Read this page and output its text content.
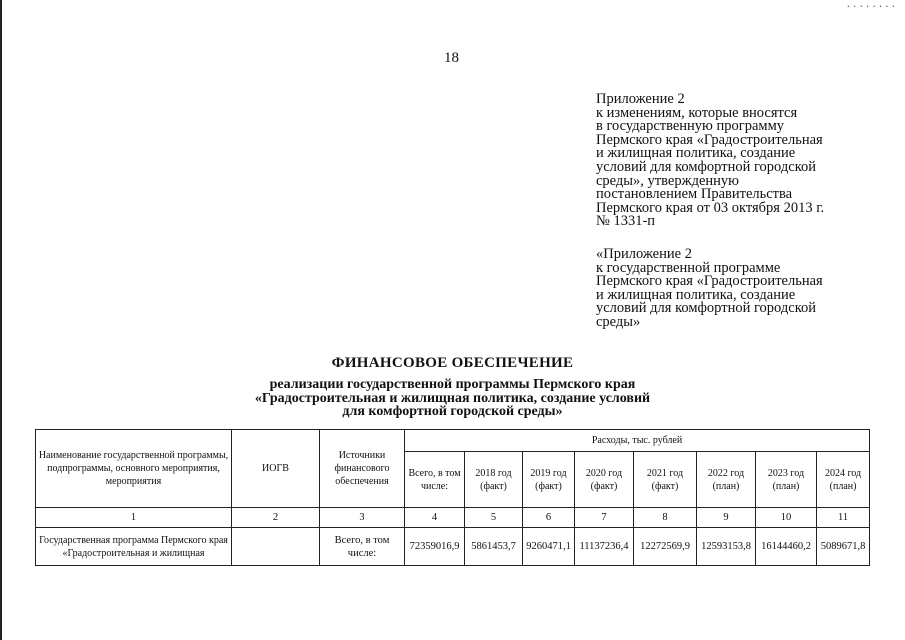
........
18
Приложение 2
к изменениям, которые вносятся
в государственную программу
Пермского края «Градостроительная
и жилищная политика, создание
условий для комфортной городской
среды», утвержденную
постановлением Правительства
Пермского края от 03 октября 2013 г.
№ 1331-п
«Приложение 2
к государственной программе
Пермского края «Градостроительная
и жилищная политика, создание
условий для комфортной городской
среды»
ФИНАНСОВОЕ ОБЕСПЕЧЕНИЕ
реализации государственной программы Пермского края
«Градостроительная и жилищная политика, создание условий
для комфортной городской среды»
Наименование государственной программы, подпрограммы, основного мероприятия, мероприятия	ИОГВ	Источники финансового обеспечения	Расходы, тыс. рублей							
			Всего, в том числе:	2018 год (факт)	2019 год (факт)	2020 год (факт)	2021 год (факт)	2022 год (план)	2023 год (план)	2024 год (план)
1	2	3	4	5	6	7	8	9	10	11
Государственная программа Пермского края «Градостроительная и жилищная		Всего, в том числе:	72359016,9	5861453,7	9260471,1	11137236,4	12272569,9	12593153,8	16144460,2	5089671,8
